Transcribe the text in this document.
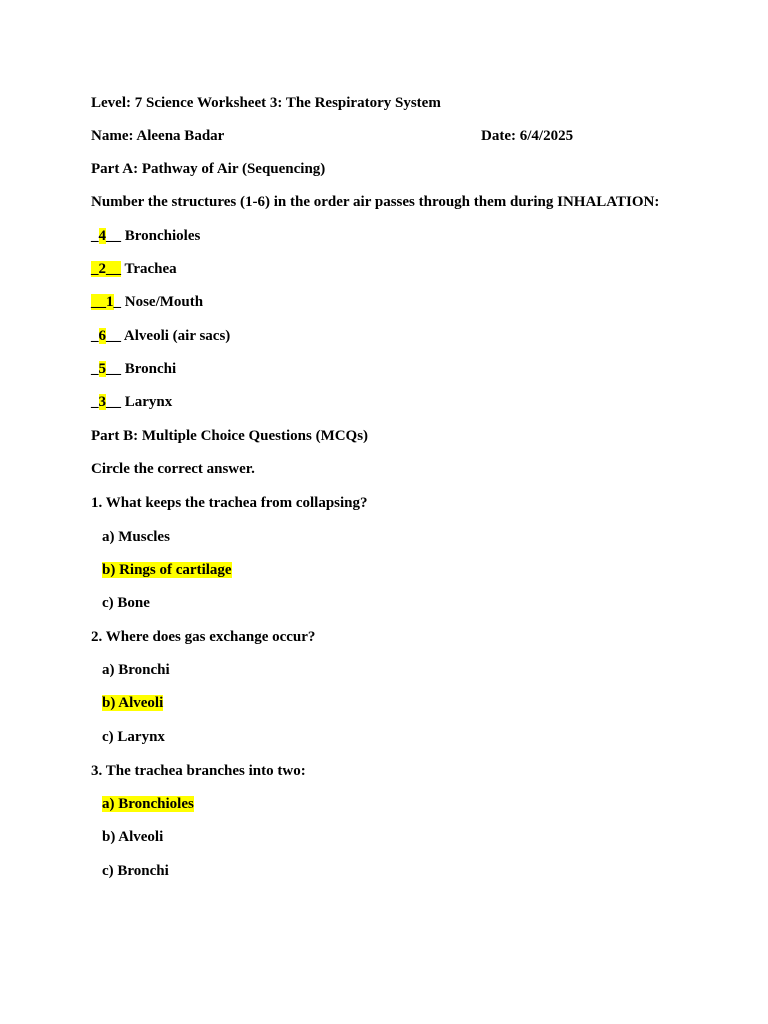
Level: 7 Science Worksheet 3: The Respiratory System
Name: Aleena Badar	Date: 6/4/2025
Part A: Pathway of Air (Sequencing)
Number the structures (1-6) in the order air passes through them during INHALATION:
_4__ Bronchioles
_2__ Trachea
__1_ Nose/Mouth
_6__ Alveoli (air sacs)
_5__ Bronchi
_3__ Larynx
Part B: Multiple Choice Questions (MCQs)
Circle the correct answer.
1. What keeps the trachea from collapsing?
a) Muscles
b) Rings of cartilage
c) Bone
2. Where does gas exchange occur?
a) Bronchi
b) Alveoli
c) Larynx
3. The trachea branches into two:
a) Bronchioles
b) Alveoli
c) Bronchi
